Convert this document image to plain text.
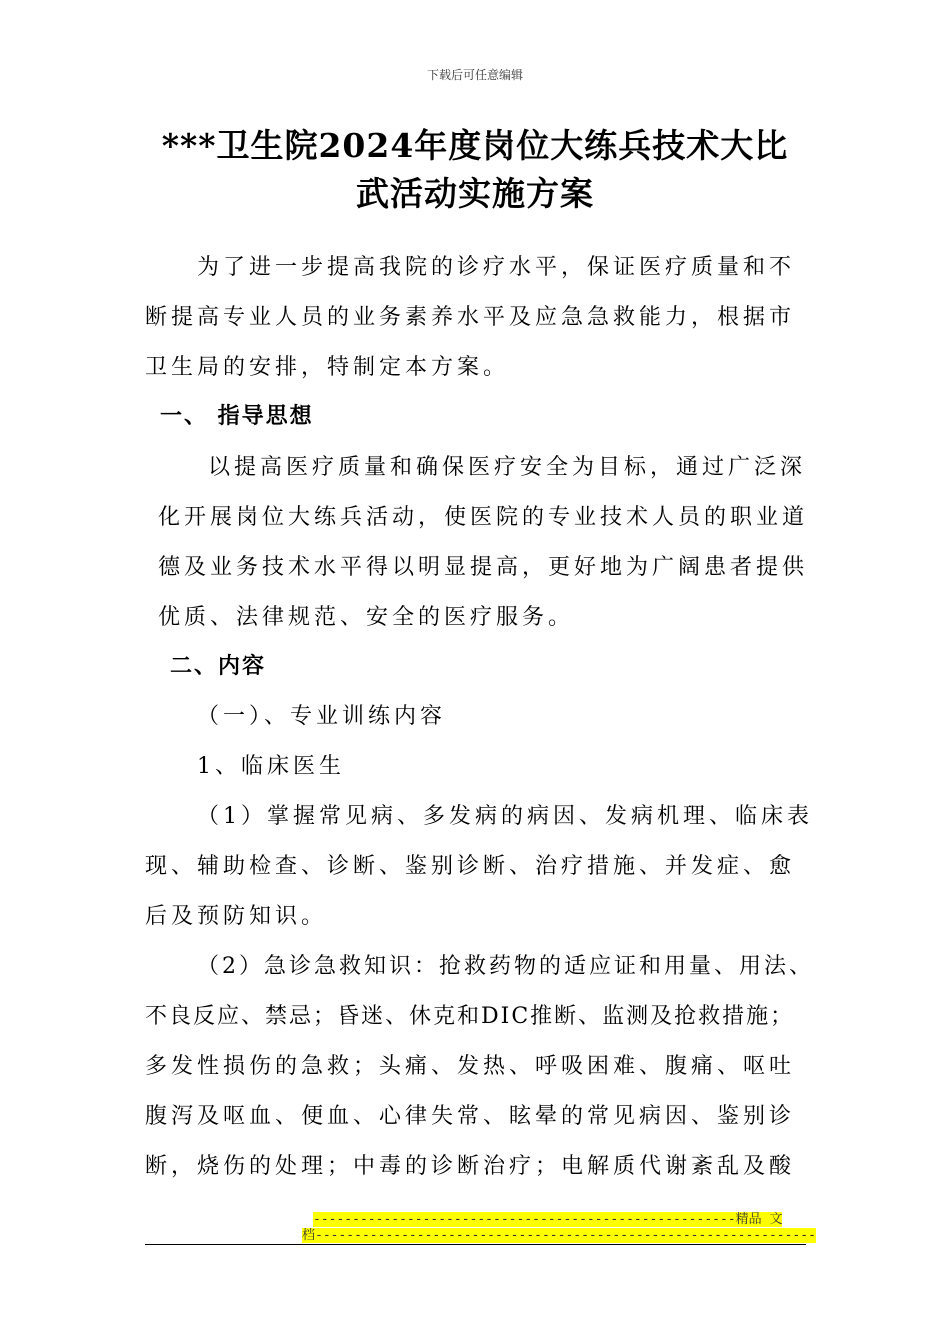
下载后可任意编辑
***卫生院2024年度岗位大练兵技术大比
武活动实施方案
为了进一步提高我院的诊疗水平，保证医疗质量和不
断提高专业人员的业务素养水平及应急急救能力，根据市
卫生局的安排，特制定本方案。
一、 指导思想
以提高医疗质量和确保医疗安全为目标，通过广泛深
化开展岗位大练兵活动，使医院的专业技术人员的职业道
德及业务技术水平得以明显提高，更好地为广阔患者提供
优质、法律规范、安全的医疗服务。
二、内容
（一）、专业训练内容
1、临床医生
（1）掌握常见病、多发病的病因、发病机理、临床表
现、辅助检查、诊断、鉴别诊断、治疗措施、并发症、愈
后及预防知识。
（2）急诊急救知识：抢救药物的适应证和用量、用法、
不良反应、禁忌；昏迷、休克和DIC推断、监测及抢救措施；
多发性损伤的急救；头痛、发热、呼吸困难、腹痛、呕吐
腹泻及呕血、便血、心律失常、眩晕的常见病因、鉴别诊
断，烧伤的处理；中毒的诊断治疗；电解质代谢紊乱及酸
------------------------------------------------------精品 文
档----------------------------------------------------------------
